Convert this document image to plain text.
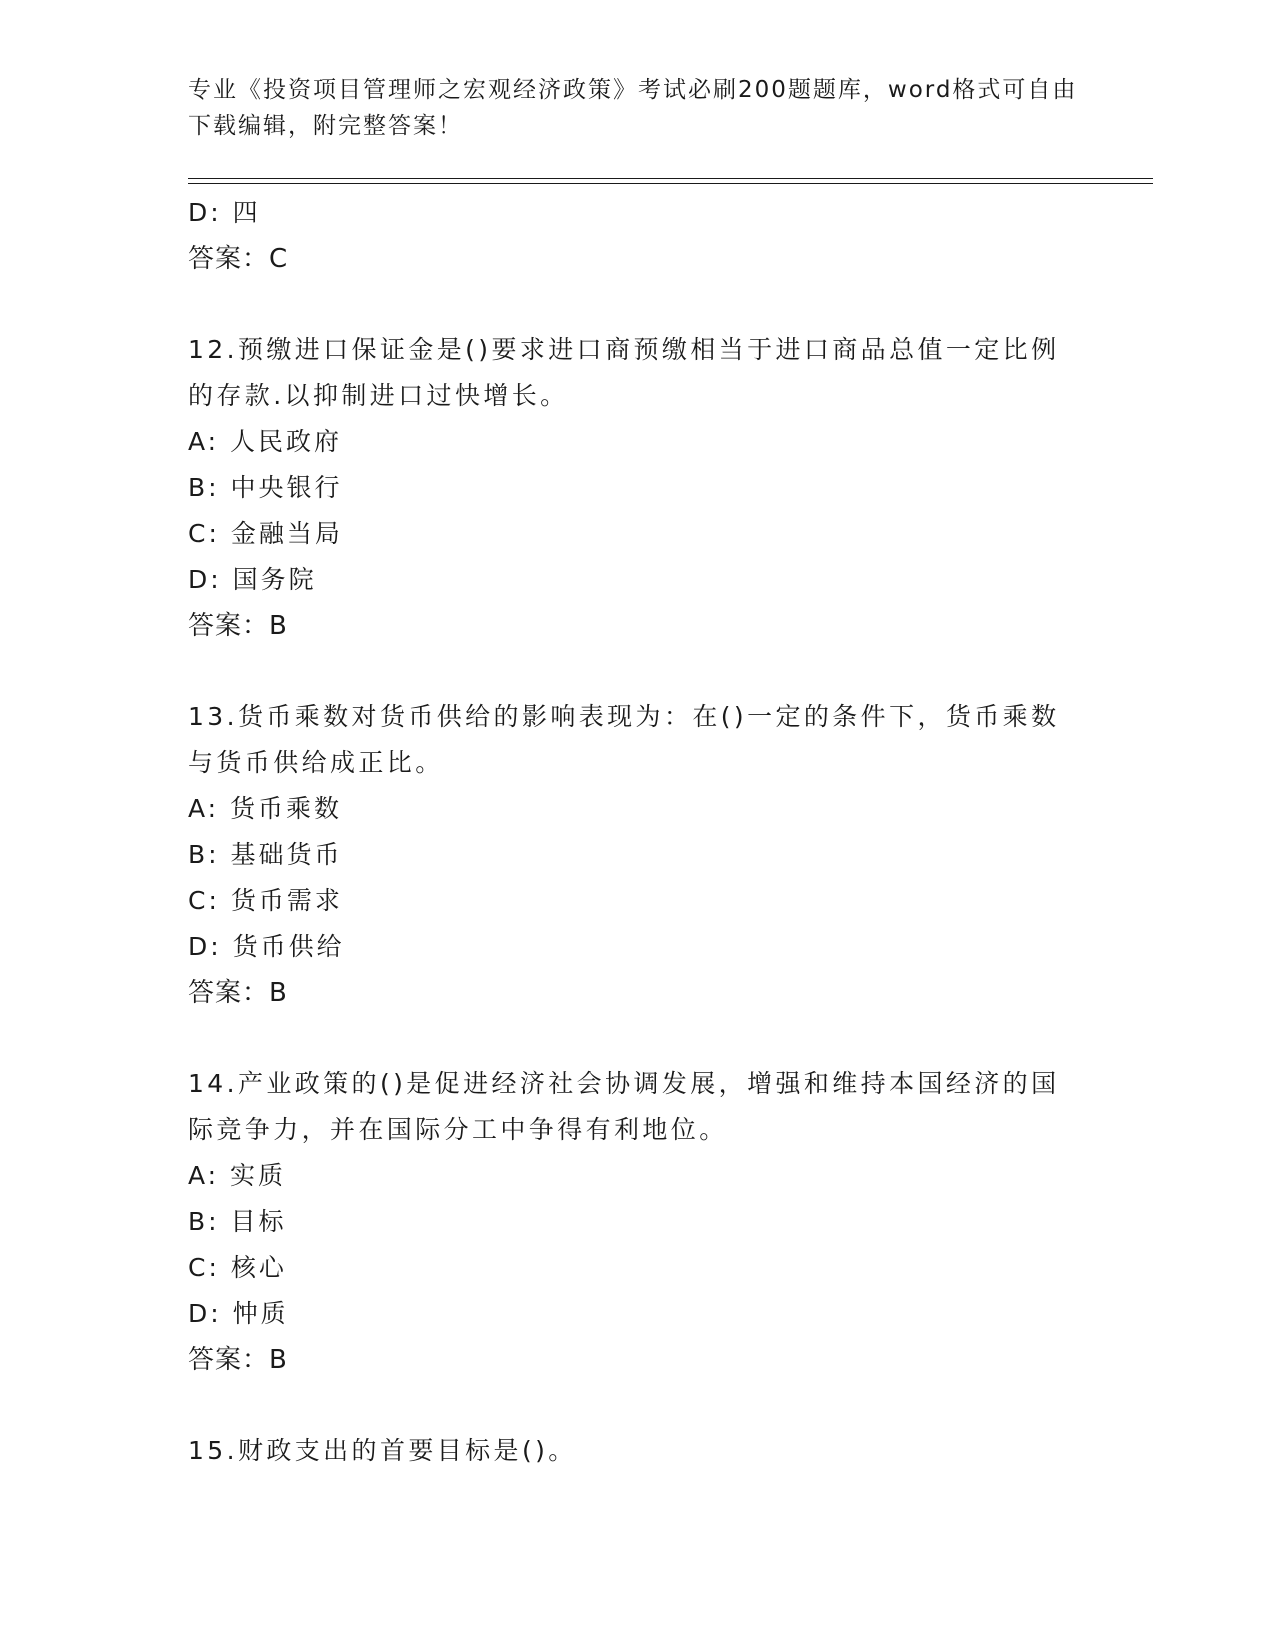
专业《投资项目管理师之宏观经济政策》考试必刷200题题库，word格式可自由
下载编辑，附完整答案！
D: 四
答案：C
12.预缴进口保证金是()要求进口商预缴相当于进口商品总值一定比例
的存款.以抑制进口过快增长。
A: 人民政府
B: 中央银行
C: 金融当局
D: 国务院
答案：B
13.货币乘数对货币供给的影响表现为：在()一定的条件下，货币乘数
与货币供给成正比。
A: 货币乘数
B: 基础货币
C: 货币需求
D: 货币供给
答案：B
14.产业政策的()是促进经济社会协调发展，增强和维持本国经济的国
际竞争力，并在国际分工中争得有利地位。
A: 实质
B: 目标
C: 核心
D: 忡质
答案：B
15.财政支出的首要目标是()。
